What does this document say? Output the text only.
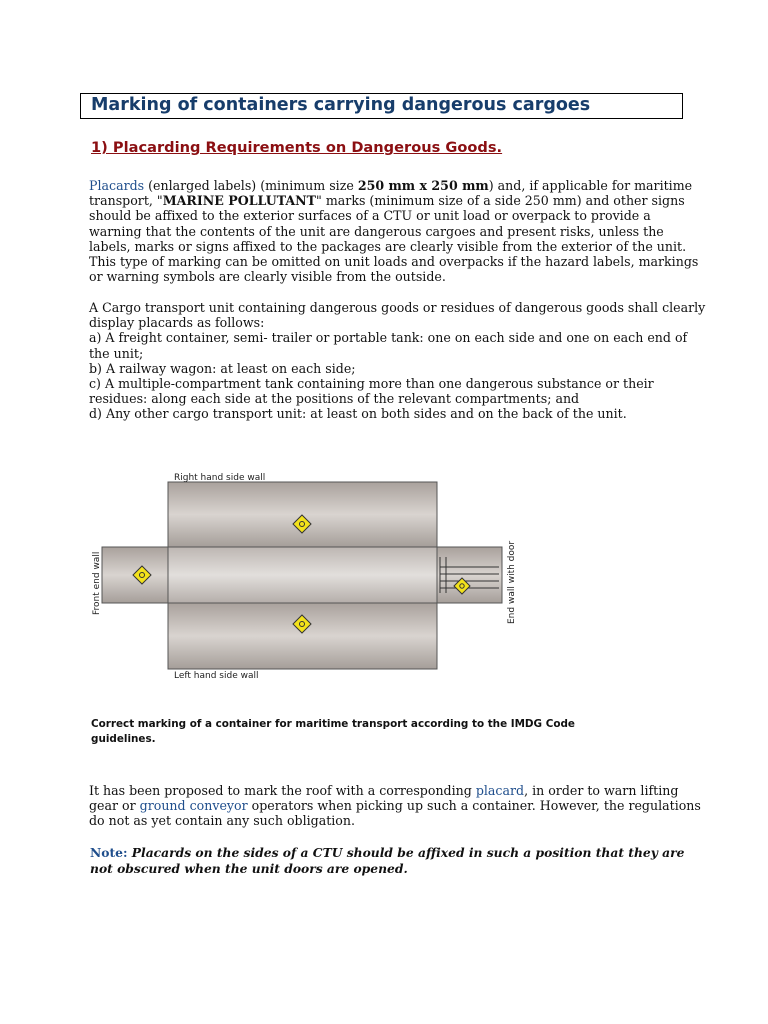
Marking of containers carrying dangerous cargoes
1) Placarding Requirements on Dangerous Goods.

Placards (enlarged labels) (minimum size 250 mm x 250 mm) and, if applicable for maritime
transport, "MARINE POLLUTANT" marks (minimum size of a side 250 mm) and other signs
should be affixed to the exterior surfaces of a CTU or unit load or overpack to provide a
warning that the contents of the unit are dangerous cargoes and present risks, unless the
labels, marks or signs affixed to the packages are clearly visible from the exterior of the unit.
This type of marking can be omitted on unit loads and overpacks if the hazard labels, markings
or warning symbols are clearly visible from the outside.

A Cargo transport unit containing dangerous goods or residues of dangerous goods shall clearly
display placards as follows:
a) A freight container, semi- trailer or portable tank: one on each side and one on each end of
the unit;
b) A railway wagon: at least on each side;
c) A multiple-compartment tank containing more than one dangerous substance or their
residues: along each side at the positions of the relevant compartments; and
d) Any other cargo transport unit: at least on both sides and on the back of the unit.

Right hand side wall
Left hand side wall
Front end wall	End wall with door

Correct marking of a container for maritime transport according to the IMDG Code
guidelines.

It has been proposed to mark the roof with a corresponding placard, in order to warn lifting
gear or ground conveyor operators when picking up such a container. However, the regulations
do not as yet contain any such obligation.

Note: Placards on the sides of a CTU should be affixed in such a position that they are
not obscured when the unit doors are opened.
